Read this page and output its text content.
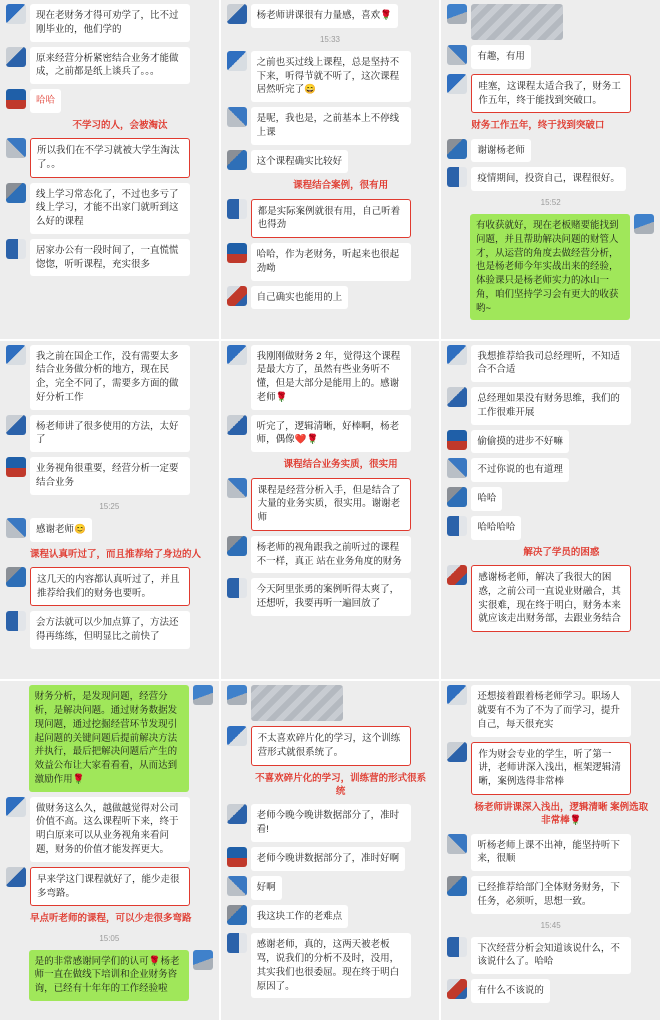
现在老财务才得可劝学了，比不过刚毕业的，他们学的
原来经营分析紧密结合业务才能做成，之前都是纸上谈兵了。。。
哈哈
不学习的人，会被淘汰
所以我们在不学习就被大学生淘汰了。。
线上学习常态化了，不过也多亏了线上学习，才能不出家门就听到这么好的课程
居家办公有一段时间了，一直慌慌惚惚，听听课程，充实很多
杨老师讲课很有力量感，喜欢🌹
15:33
之前也买过线上课程，总是坚持不下来，听得节就不听了，这次课程居然听完了😄
是呢，我也是，之前基本上不停线上课
这个课程确实比较好
课程结合案例，很有用
都是实际案例就很有用，自己听着也得劲
哈哈，作为老财务，听起来也很起劲呦
自己确实也能用的上
有趣，有用
哇塞，这课程太适合我了，财务工作五年，终于能找到突破口。
财务工作五年，终于找到突破口
谢谢杨老师
疫情期间，投资自己，课程很好。
15:52
有收获就好，现在老板赌要能找到问题，并且帮助解决问题的财管人才，从运营的角度去做经营分析，也是杨老师今年实战出来的经验，体验课只是杨老师实力的冰山一角，咱们坚持学习会有更大的收获哟~
我之前在国企工作，没有需要太多结合业务做分析的地方，现在民企，完全不同了，需要多方面的做好分析工作
杨老师讲了很多使用的方法，太好了
业务视角很重要，经营分析一定要结合业务
15:25
感谢老师😊
课程认真听过了，而且推荐给了身边的人
这几天的内容都认真听过了，并且推荐给我们的财务也要听。
会方法就可以少加点算了，方法还得再练练，但明显比之前快了
我刚刚做财务 2 年，觉得这个课程是最大方了，虽然有些业务听不懂，但是大部分是能用上的。感谢老师🌹
听完了，逻辑清晰，好棒啊，杨老师，偶像❤️🌹
课程结合业务实质，很实用
课程是经营分析入手，但是结合了大量的业务实质，很实用。谢谢老师
杨老师的视角跟我之前听过的课程不一样，真正 站在业务角度的财务
今天阿里张勇的案例听得太爽了，还想听，我要再听一遍回放了
我想推荐给我司总经理听，不知适合不合适
总经理如果没有财务思维，我们的工作很难开展
偷偷摸的进步不好嘛
不过你说的也有道理
哈哈
哈哈哈哈
解决了学员的困惑
感谢杨老师，解决了我很大的困惑，之前公司一直说业财融合，其实很难，现在终于明白，财务本来就应该走出财务部，去跟业务结合
财务分析，是发现问题，经营分析，是解决问题。通过财务数据发现问题，通过挖掘经营环节发现引起问题的关键问题后提前解决方法并执行，最后把解决问题后产生的效益公布让大家看看看，从而达到激励作用🌹
做财务这么久，越做越觉得对公司价值不高。这么课程听下来，终于明白原来可以从业务视角来看问题，财务的价值才能发挥更大。
早来学这门课程就好了，能少走很多弯路。
早点听老师的课程，可以少走很多弯路
15:05
是的非常感谢同学们的认可🌹杨老师一直在做线下培训和企业财务咨询，已经有十年年的工作经验啦
不太喜欢碎片化的学习，这个训练营形式就很系统了。
不喜欢碎片化的学习，训练营的形式很系统
老师今晚今晚讲数据部分了，准时看!
老师今晚讲数据部分了，准时好啊
好啊
我这块工作的老难点
感谢老师，真的，这两天被老板骂，说我们的分析不及时，没用，其实我们也很委屈。现在终于明白原因了。
还想接着跟着杨老师学习。职场人就要有不为了不为了而学习，提升自己，每天很充实
作为财会专业的学生，听了第一讲，老师讲深入浅出，框架逻辑清晰，案例选得非常棒
杨老师讲课深入浅出，逻辑清晰 案例选取非常棒🌹
听杨老师上课不出神，能坚持听下来，很顺
已经推荐给部门全体财务财务，下任务，必须听，思想一致。
15:45
下次经营分析会知道该说什么，不该说什么了。哈哈
有什么不该说的
